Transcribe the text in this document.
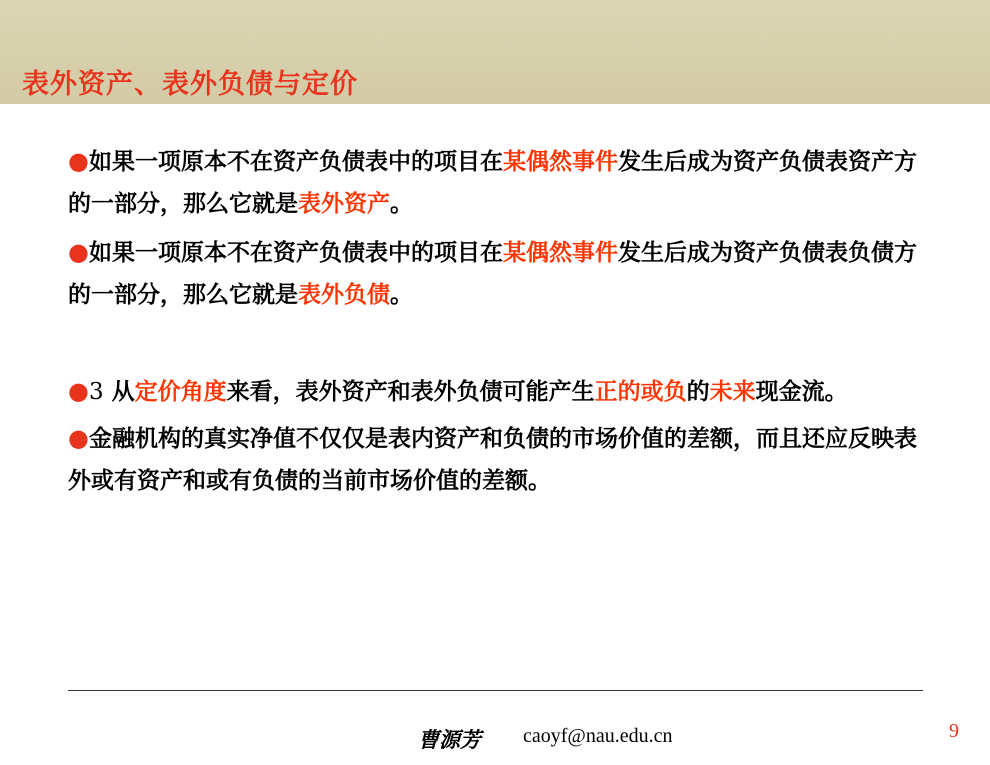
表外资产、表外负债与定价

●如果一项原本不在资产负债表中的项目在某偶然事件发生后成为资产负债表资产方的一部分，那么它就是表外资产。

●如果一项原本不在资产负债表中的项目在某偶然事件发生后成为资产负债表负债方的一部分，那么它就是表外负债。

●3 从定价角度来看，表外资产和表外负债可能产生正的或负的未来现金流。

●金融机构的真实净值不仅仅是表内资产和负债的市场价值的差额，而且还应反映表外或有资产和或有负债的当前市场价值的差额。

曹源芳 caoyf@nau.edu.cn	9
